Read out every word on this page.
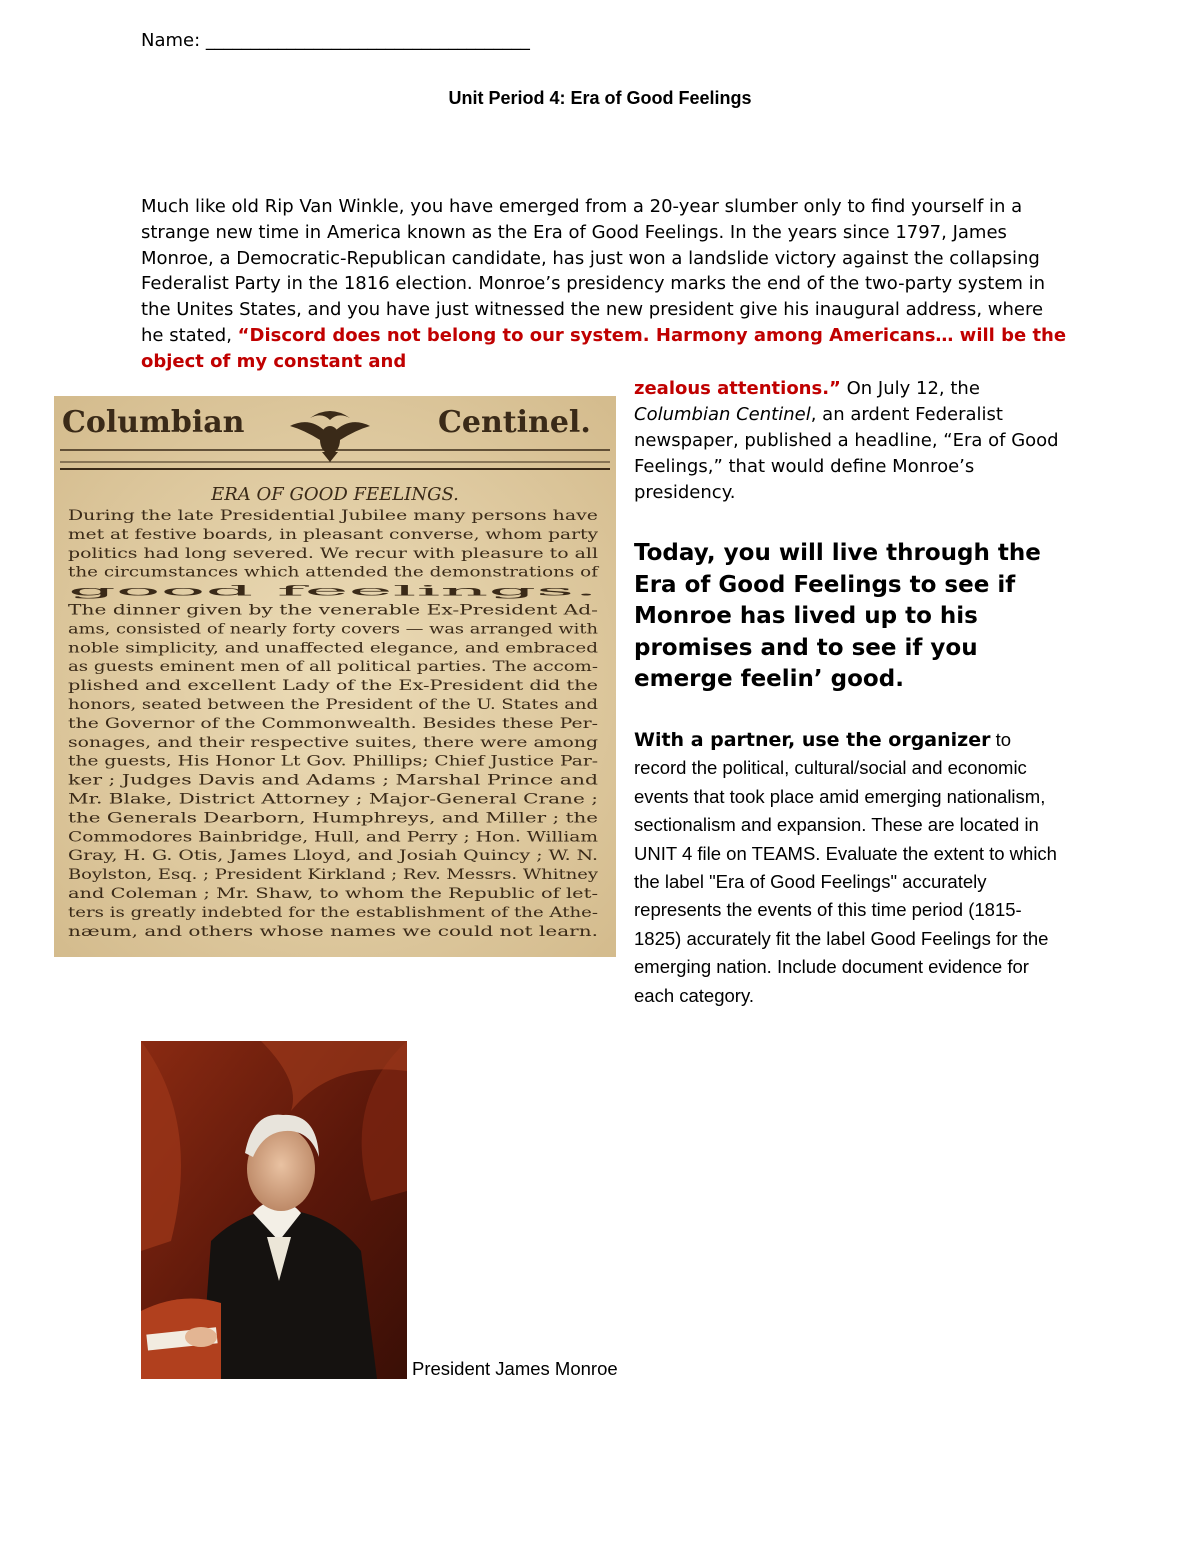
Name: ____________________________________
Unit Period 4: Era of Good Feelings
Much like old Rip Van Winkle, you have emerged from a 20-year slumber only to find yourself in a strange new time in America known as the Era of Good Feelings. In the years since 1797, James Monroe, a Democratic-Republican candidate, has just won a landslide victory against the collapsing Federalist Party in the 1816 election. Monroe’s presidency marks the end of the two-party system in the Unites States, and you have just witnessed the new president give his inaugural address, where he stated, “Discord does not belong to our system. Harmony among Americans… will be the object of my constant and
zealous attentions.” On July 12, the Columbian Centinel, an ardent Federalist newspaper, published a headline, “Era of Good Feelings,” that would define Monroe’s presidency.
Today, you will live through the Era of Good Feelings to see if Monroe has lived up to his promises and to see if you emerge feelin’ good.
With a partner, use the organizer to record the political, cultural/social and economic events that took place amid emerging nationalism, sectionalism and expansion. These are located in UNIT 4 file on TEAMS. Evaluate the extent to which the label "Era of Good Feelings" accurately represents the events of this time period (1815-1825) accurately fit the label Good Feelings for the emerging nation. Include document evidence for each category.
Columbian	Centinel.
ERA OF GOOD FEELINGS.
During the late Presidential Jubilee many persons have
met at festive boards, in pleasant converse, whom party
politics had long severed. We recur with pleasure to all
the circumstances which attended the demonstrations of
good feelings.
The dinner given by the venerable Ex-President Ad-
ams, consisted of nearly forty covers — was arranged with
noble simplicity, and unaffected elegance, and embraced
as guests eminent men of all political parties. The accom-
plished and excellent Lady of the Ex-President did the
honors, seated between the President of the U. States and
the Governor of the Commonwealth. Besides these Per-
sonages, and their respective suites, there were among
the guests, His Honor Lt Gov. Phillips; Chief Justice Par-
ker ; Judges Davis and Adams ; Marshal Prince and
Mr. Blake, District Attorney ; Major-General Crane ;
the Generals Dearborn, Humphreys, and Miller ; the
Commodores Bainbridge, Hull, and Perry ; Hon. William
Gray, H. G. Otis, James Lloyd, and Josiah Quincy ; W. N.
Boylston, Esq. ; President Kirkland ; Rev. Messrs. Whitney
and Coleman ; Mr. Shaw, to whom the Republic of let-
ters is greatly indebted for the establishment of the Athe-
næum, and others whose names we could not learn.
President James Monroe
